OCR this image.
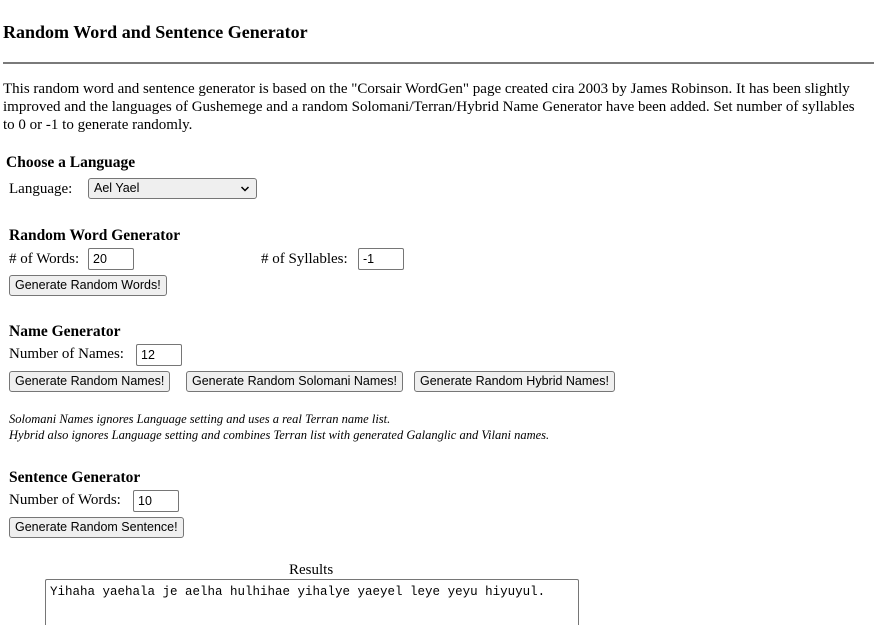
Random Word and Sentence Generator
This random word and sentence generator is based on the "Corsair WordGen" page created cira 2003 by James Robinson. It has been slightly improved and the languages of Gushemege and a random Solomani/Terran/Hybrid Name Generator have been added. Set number of syllables to 0 or -1 to generate randomly.
Choose a Language
Language:	Ael Yael
Random Word Generator
# of Words:	20	# of Syllables:	-1
Generate Random Words!
Name Generator
Number of Names:	12
Generate Random Names!	Generate Random Solomani Names!	Generate Random Hybrid Names!
Solomani Names ignores Language setting and uses a real Terran name list.
Hybrid also ignores Language setting and combines Terran list with generated Galanglic and Vilani names.
Sentence Generator
Number of Words:	10
Generate Random Sentence!
Results
Yihaha yaehala je aelha hulhihae yihalye yaeyel leye yeyu hiyuyul.
